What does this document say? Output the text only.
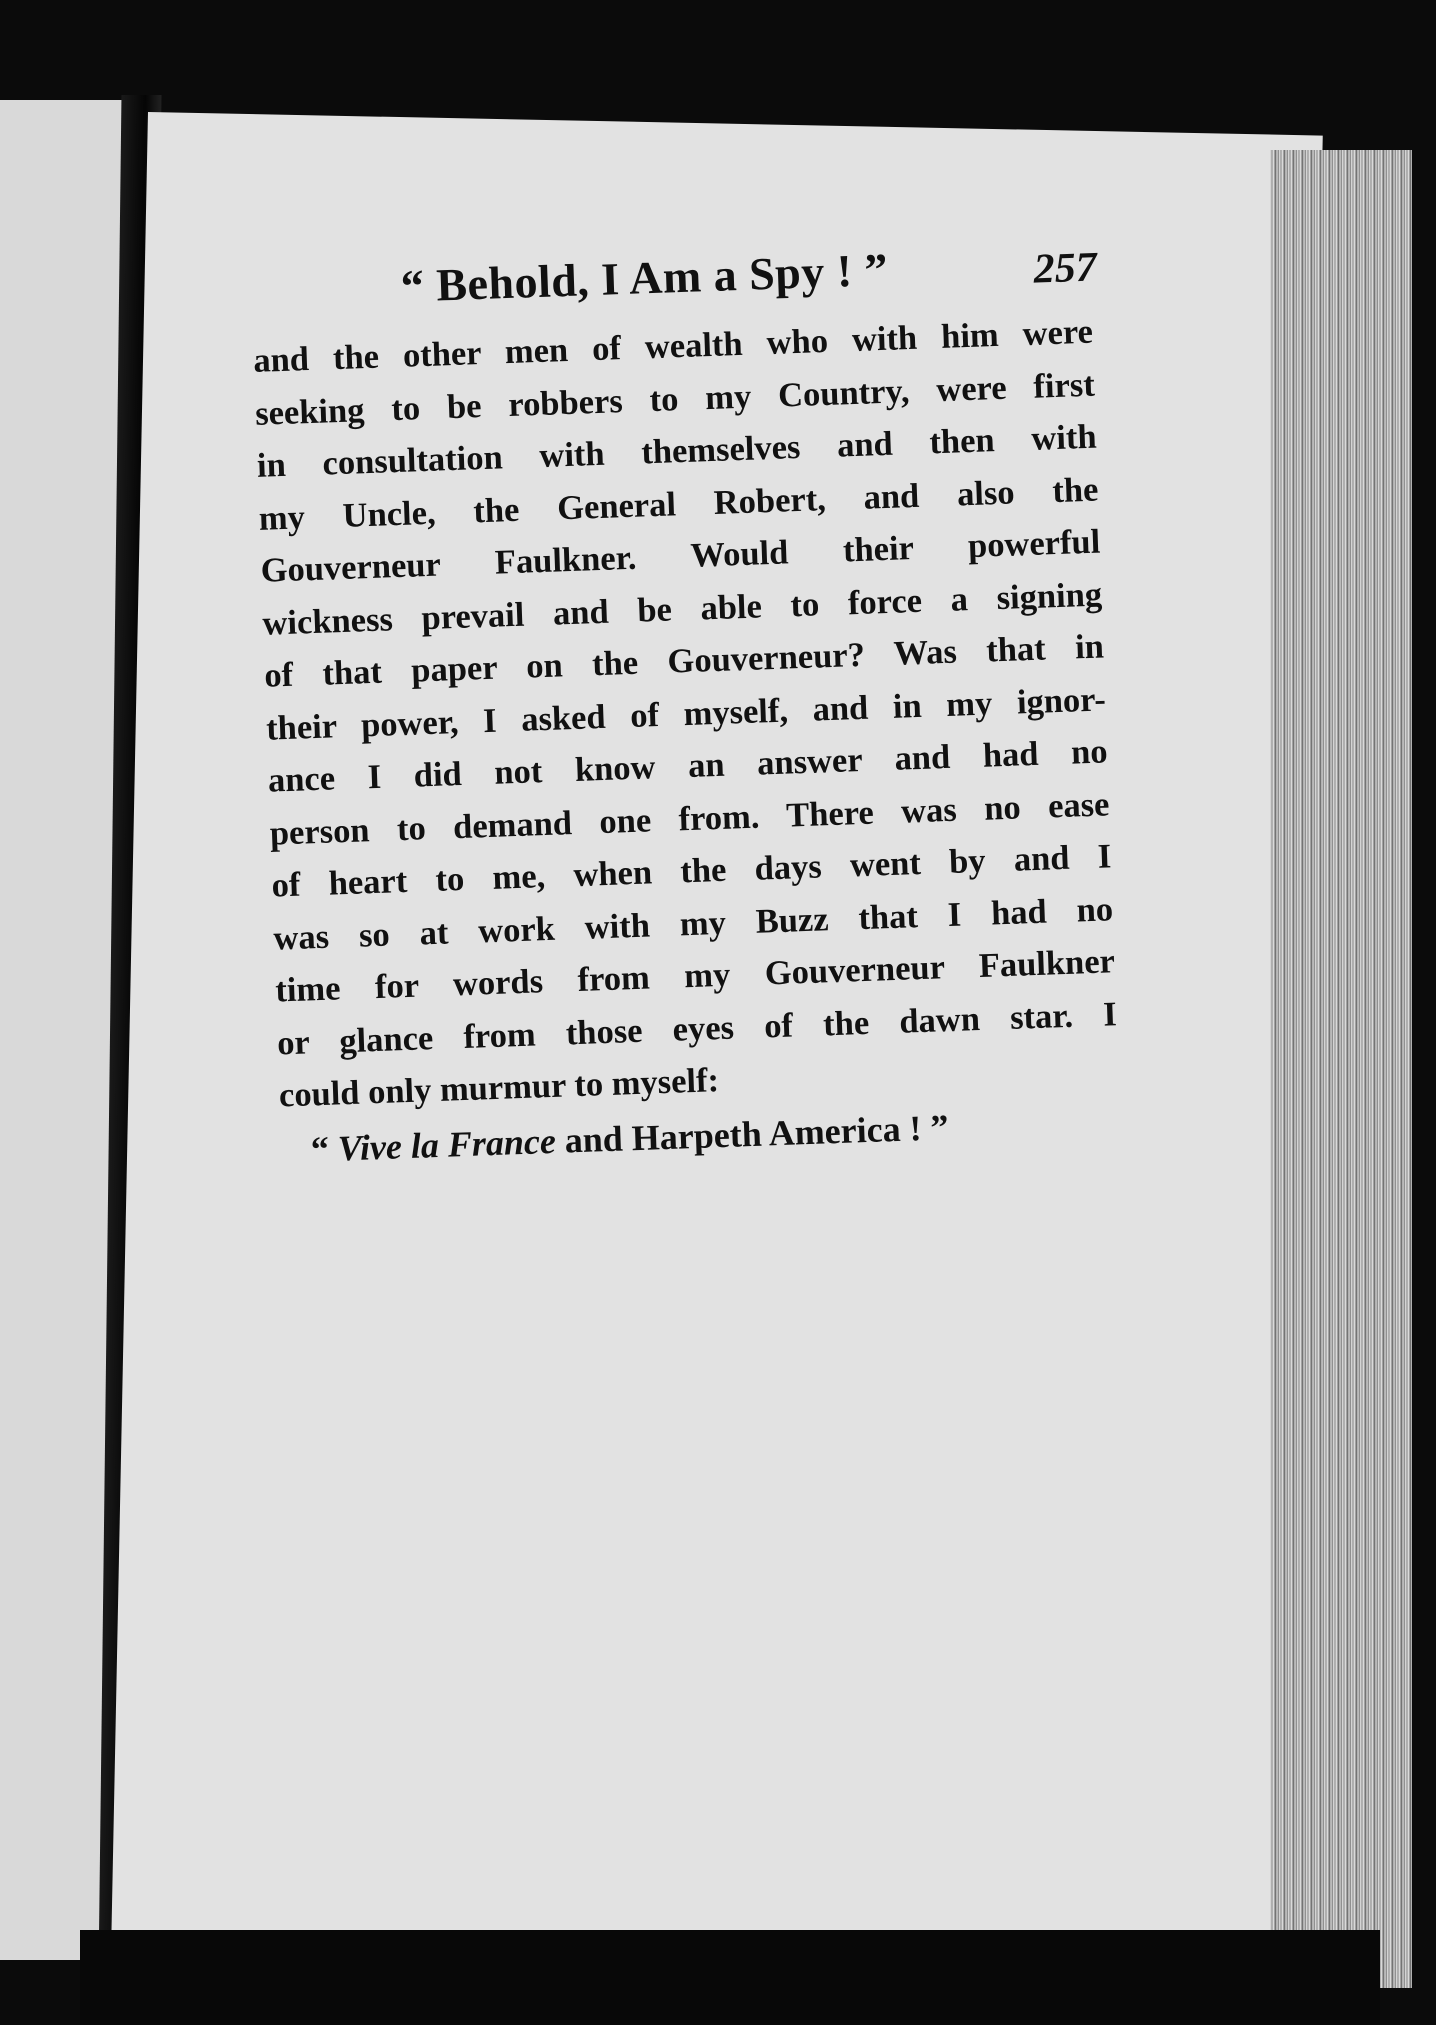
“ Behold, I Am a Spy ! ”	257
and the other men of wealth who with him were
seeking to be robbers to my Country, were first
in consultation with themselves and then with
my Uncle, the General Robert, and also the
Gouverneur Faulkner. Would their powerful
wickness prevail and be able to force a signing
of that paper on the Gouverneur? Was that in
their power, I asked of myself, and in my ignor-
ance I did not know an answer and had no
person to demand one from. There was no ease
of heart to me, when the days went by and I
was so at work with my Buzz that I had no
time for words from my Gouverneur Faulkner
or glance from those eyes of the dawn star. I
could only murmur to myself:
“ Vive la France and Harpeth America ! ”
